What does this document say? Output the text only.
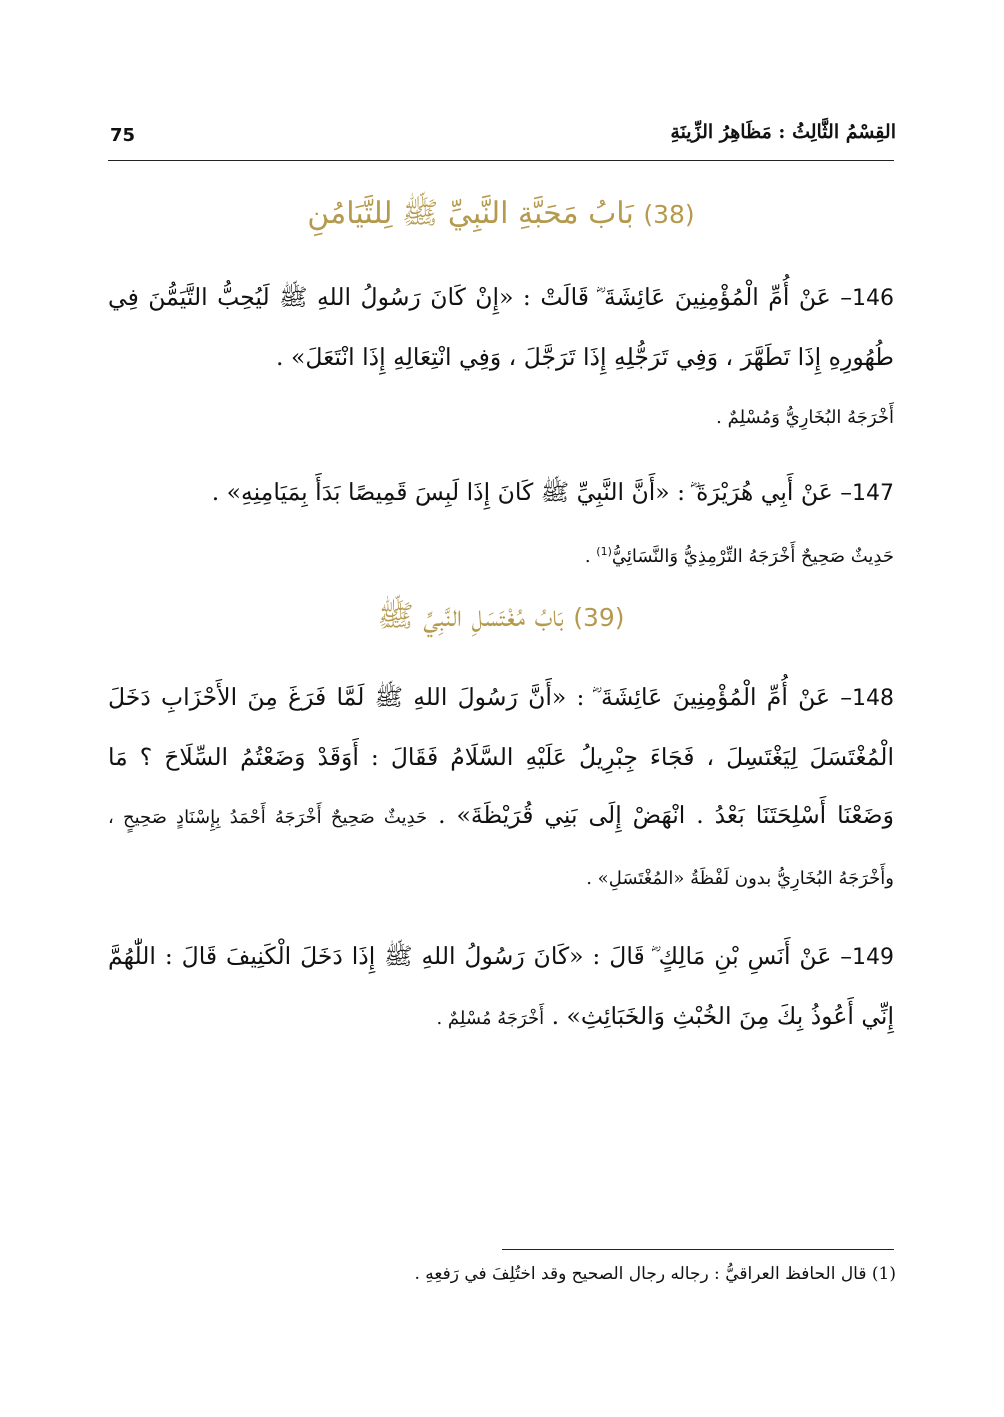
75	القِسْمُ الثَّالِثُ : مَظَاهِرُ الزِّينَةِ
(38) بَابُ مَحَبَّةِ النَّبِيِّ ﷺ لِلتَّيَامُنِ
146– عَنْ أُمِّ الْمُؤْمِنِينَ عَائِشَةَ ؓ قَالَتْ : «إِنْ كَانَ رَسُولُ اللهِ ﷺ لَيُحِبُّ التَّيَمُّنَ فِي طُهُورِهِ إِذَا تَطَهَّرَ ، وَفِي تَرَجُّلِهِ إِذَا تَرَجَّلَ ، وَفِي انْتِعَالِهِ إِذَا انْتَعَلَ» .
أَخْرَجَهُ البُخَارِيُّ وَمُسْلِمٌ .
147– عَنْ أَبِي هُرَيْرَةَ ؓ : «أَنَّ النَّبِيِّ ﷺ كَانَ إِذَا لَبِسَ قَمِيصًا بَدَأَ بِمَيَامِنِهِ» .
حَدِيثٌ صَحِيحٌ أَخْرَجَهُ التِّرْمِذِيُّ وَالنَّسَائِيُّ$^{(1)}$ .
(39) بَابُ مُغْتَسَلِ النَّبِيِّ ﷺ
148– عَنْ أُمِّ الْمُؤْمِنِينَ عَائِشَةَ ؓ : «أَنَّ رَسُولَ اللهِ ﷺ لَمَّا فَرَغَ مِنَ الأَحْزَابِ دَخَلَ الْمُغْتَسَلَ لِيَغْتَسِلَ ، فَجَاءَ جِبْرِيلُ عَلَيْهِ السَّلَامُ فَقَالَ : أَوَقَدْ وَضَعْتُمُ السِّلَاحَ ؟ مَا وَضَعْنَا أَسْلِحَتَنَا بَعْدُ . انْهَضْ إِلَى بَنِي قُرَيْظَةَ» . حَدِيثٌ صَحِيحٌ أَخْرَجَهُ أَحْمَدُ بِإِسْنَادٍ صَحِيحٍ ، وأَخْرَجَهُ البُخَارِيُّ بدون لَفْظَةُ «المُغْتَسَلِ» .
149– عَنْ أَنَسِ بْنِ مَالِكٍ ؓ قَالَ : «كَانَ رَسُولُ اللهِ ﷺ إِذَا دَخَلَ الْكَنِيفَ قَالَ : اللّٰهُمَّ إِنِّي أَعُوذُ بِكَ مِنَ الخُبْثِ وَالخَبَائِثِ» . أَخْرَجَهُ مُسْلِمٌ .
(1) قال الحافظ العراقيُّ : رجاله رجال الصحيح وقد اختُلِفَ في رَفعِهِ .
